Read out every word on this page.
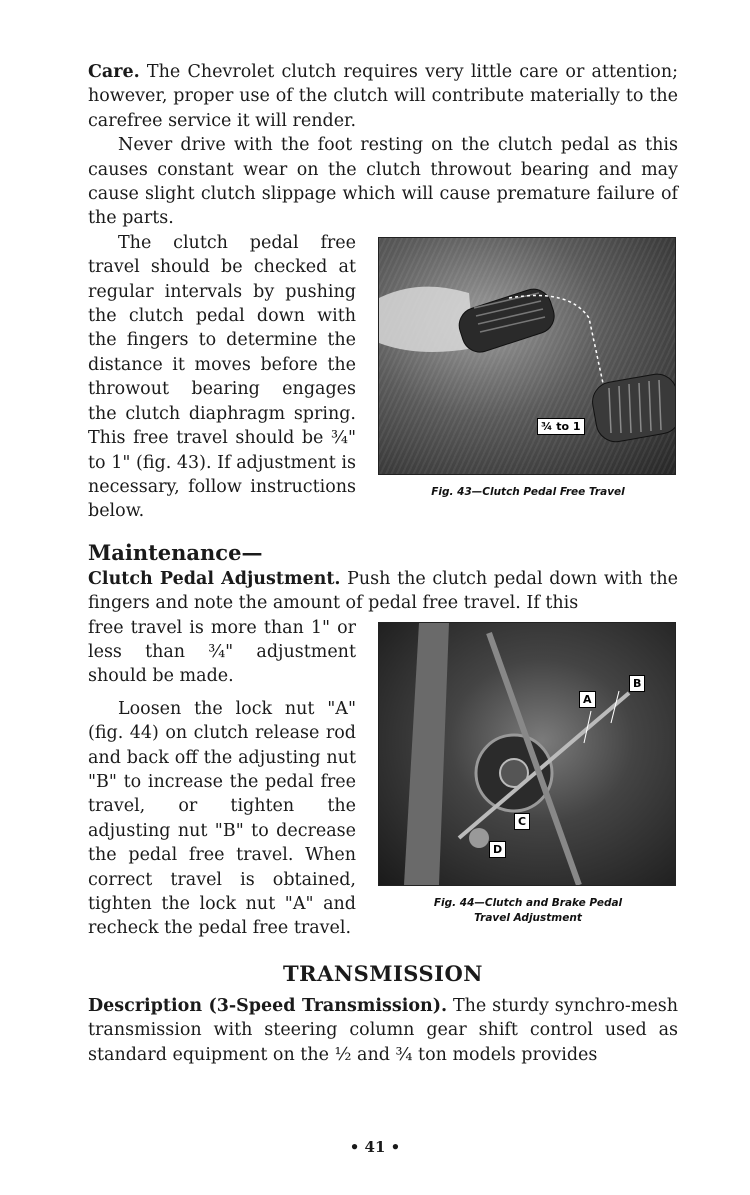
Care. The Chevrolet clutch requires very little care or attention; however, proper use of the clutch will contribute materially to the carefree service it will render.

Never drive with the foot resting on the clutch pedal as this causes constant wear on the clutch throwout bearing and may cause slight clutch slippage which will cause premature failure of the parts.

The clutch pedal free travel should be checked at regular intervals by pushing the clutch pedal down with the fingers to determine the distance it moves before the throwout bearing engages the clutch diaphragm spring. This free travel should be ¾" to 1" (fig. 43). If adjustment is necessary, follow instructions below.

¾ to 1
Fig. 43—Clutch Pedal Free Travel
Maintenance—

Clutch Pedal Adjustment. Push the clutch pedal down with the fingers and note the amount of pedal free travel. If this

free travel is more than 1" or less than ¾" adjustment should be made.

Loosen the lock nut "A" (fig. 44) on clutch release rod and back off the adjusting nut "B" to increase the pedal free travel, or tighten the adjusting nut "B" to decrease the pedal free travel. When correct travel is obtained, tighten the lock nut "A" and recheck the pedal free travel.

A
B
C
D
Fig. 44—Clutch and Brake Pedal
Travel Adjustment
TRANSMISSION

Description (3-Speed Transmission). The sturdy synchro-mesh transmission with steering column gear shift control used as standard equipment on the ½ and ¾ ton models provides

• 41 •
